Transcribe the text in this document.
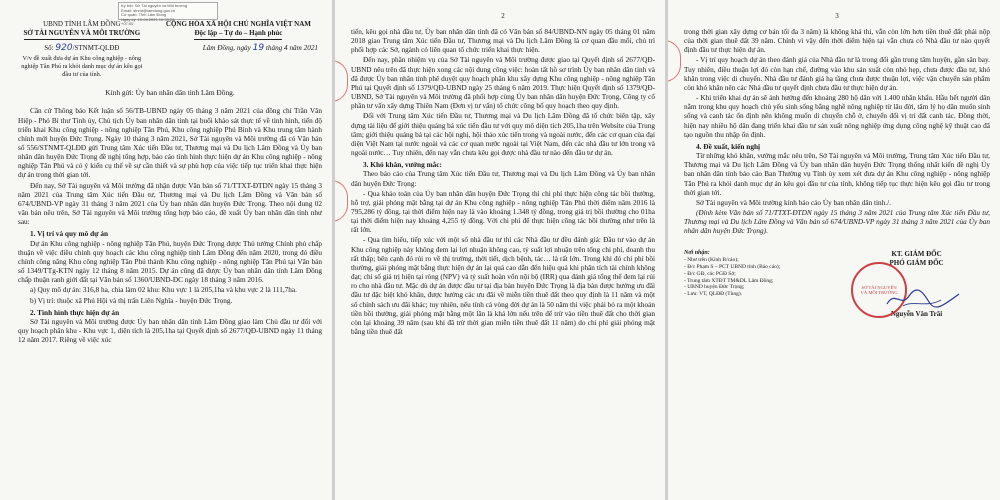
Ký bởi: Sở Tài nguyên và Môi trường
Email: stnmt@lamdong.gov.vn
Cơ quan: Tỉnh Lâm Đồng
Ngày ký: 19.04.2021 10:33:22
+07:00
UBND TỈNH LÂM ĐỒNG
SỞ TÀI NGUYÊN VÀ MÔI TRƯỜNG
Số: 920/STNMT-QLĐĐ
V/v đề xuất đưa dự án Khu công nghiệp - nông nghiệp Tân Phú ra khỏi danh mục dự án kêu gọi đầu tư của tỉnh.
CỘNG HÒA XÃ HỘI CHỦ NGHĨA VIỆT NAM
Độc lập – Tự do – Hạnh phúc
Lâm Đồng, ngày 19 tháng 4 năm 2021
Kính gửi: Ủy ban nhân dân tỉnh Lâm Đồng.

Căn cứ Thông báo Kết luận số 56/TB-UBND ngày 05 tháng 3 năm 2021 của đồng chí Trần Văn Hiệp - Phó Bí thư Tỉnh ủy, Chủ tịch Ủy ban nhân dân tỉnh tại buổi khảo sát thực tế về tình hình, tiến độ triển khai Khu công nghiệp - nông nghiệp Tân Phú, Khu công nghiệp Phú Bình và Khu trung tâm hành chính mới huyện Đức Trọng. Ngày 10 tháng 3 năm 2021, Sở Tài nguyên và Môi trường đã có Văn bản số 556/STNMT-QLĐĐ gửi Trung tâm Xúc tiến Đầu tư, Thương mại và Du lịch Lâm Đồng và Ủy ban nhân dân huyện Đức Trọng đề nghị tổng hợp, báo cáo tình hình thực hiện dự án Khu công nghiệp - nông nghiệp Tân Phú và có ý kiến cụ thể về sự cần thiết và sự phù hợp của việc tiếp tục triển khai thực hiện dự án trong thời gian tới.

Đến nay, Sở Tài nguyên và Môi trường đã nhận được Văn bản số 71/TTXT-ĐTDN ngày 15 tháng 3 năm 2021 của Trung tâm Xúc tiến Đầu tư, Thương mại và Du lịch Lâm Đồng và Văn bản số 674/UBND-VP ngày 31 tháng 3 năm 2021 của Ủy ban nhân dân huyện Đức Trọng. Theo nội dung 02 văn bản nêu trên, Sở Tài nguyên và Môi trường tổng hợp báo cáo, đề xuất Ủy ban nhân dân tỉnh như sau:

1. Vị trí và quy mô dự án

Dự án Khu công nghiệp - nông nghiệp Tân Phú, huyện Đức Trọng được Thủ tướng Chính phủ chấp thuận về việc điều chỉnh quy hoạch các khu công nghiệp tỉnh Lâm Đồng đến năm 2020, trong đó điều chỉnh công năng Khu công nghiệp Tân Phú thành Khu công nghiệp - nông nghiệp Tân Phú tại Văn bản số 1349/TTg-KTN ngày 12 tháng 8 năm 2015. Dự án cũng đã được Ủy ban nhân dân tỉnh Lâm Đồng chấp thuận ranh giới đất tại Văn bản số 1360/UBND-ĐC ngày 18 tháng 3 năm 2016.

a) Quy mô dự án: 316,8 ha, chia làm 02 khu: Khu vực 1 là 205,1ha và khu vực 2 là 111,7ha.

b) Vị trí: thuộc xã Phú Hội và thị trấn Liên Nghĩa - huyện Đức Trọng.

2. Tình hình thực hiện dự án

Sở Tài nguyên và Môi trường được Ủy ban nhân dân tỉnh Lâm Đồng giao làm Chủ đầu tư đối với quy hoạch phân khu - Khu vực 1, diện tích là 205,1ha tại Quyết định số 2677/QĐ-UBND ngày 11 tháng 12 năm 2017. Riêng về việc xúc

2

tiến, kêu gọi nhà đầu tư, Ủy ban nhân dân tỉnh đã có Văn bản số 84/UBND-NN ngày 05 tháng 01 năm 2018 giao Trung tâm Xúc tiến Đầu tư, Thương mại và Du lịch Lâm Đồng là cơ quan đầu mối, chủ trì phối hợp các Sở, ngành có liên quan tổ chức triển khai thực hiện.

Đến nay, phần nhiệm vụ của Sở Tài nguyên và Môi trường được giao tại Quyết định số 2677/QĐ-UBND nêu trên đã thực hiện xong các nội dung công việc: hoàn tất hồ sơ trình Ủy ban nhân dân tỉnh và đã được Ủy ban nhân tỉnh phê duyệt quy hoạch phân khu xây dựng Khu công nghiệp - nông nghiệp Tân Phú tại Quyết định số 1379/QĐ-UBND ngày 25 tháng 6 năm 2019. Thực hiện Quyết định số 1379/QĐ-UBND, Sở Tài nguyên và Môi trường đã phối hợp cùng Ủy ban nhân dân huyện Đức Trọng, Công ty cổ phần tư vấn xây dựng Thiên Nam (Đơn vị tư vấn) tổ chức công bố quy hoạch theo quy định.

Đối với Trung tâm Xúc tiến Đầu tư, Thương mại và Du lịch Lâm Đồng đã tổ chức biên tập, xây dựng tài liệu để giới thiệu quảng bá xúc tiến đầu tư với quy mô diện tích 205,1ha trên Website của Trung tâm; giới thiệu quảng bá tại các hội nghị, hội thảo xúc tiến trong và ngoài nước, đến các cơ quan của đại diện Việt Nam tại nước ngoài và các cơ quan nước ngoài tại Việt Nam, đến các nhà đầu tư lớn trong và ngoài nước… Tuy nhiên, đến nay vẫn chưa kêu gọi được nhà đầu tư nào đến đầu tư dự án.

3. Khó khăn, vướng mắc:

Theo báo cáo của Trung tâm Xúc tiến Đầu tư, Thương mại và Du lịch Lâm Đồng và Ủy ban nhân dân huyện Đức Trọng:

- Qua khảo toán của Ủy ban nhân dân huyện Đức Trọng thì chi phí thực hiện công tác bồi thường, hỗ trợ, giải phóng mặt bằng tại dự án Khu công nghiệp - nông nghiệp Tân Phú thời điểm năm 2016 là 795,286 tỷ đồng, tại thời điểm hiện nay là vào khoảng 1.348 tỷ đồng, trong giá trị bồi thường cho 01ha tại thời điểm hiện nay khoảng 4,255 tỷ đồng. Với chi phí để thực hiện công tác bồi thường như trên là rất lớn.

- Qua tìm hiểu, tiếp xúc với một số nhà đầu tư thì các Nhà đầu tư đều đánh giá: Đầu tư vào dự án Khu công nghiệp này không đem lại lợi nhuận không cao, tỷ suất lợi nhuận trên tổng chi phí, doanh thu rất thấp; bên cạnh đó rủi ro về thị trường, thời tiết, dịch bệnh, tác… là rất lớn. Trong khi đó chi phí bồi thường, giải phóng mặt bằng thực hiện dự án lại quá cao dẫn đến hiệu quả khi phân tích tài chính không đạt; chỉ số giá trị hiện tại ròng (NPV) và tỷ suất hoàn vốn nội bộ (IRR) qua đánh giá tổng thể đem lại rủi ro cho nhà đầu tư. Mặc dù dự án được đầu tư tại địa bàn huyện Đức Trọng là địa bàn được hưởng ưu đãi đầu tư đặc biệt khó khăn, được hưởng các ưu đãi về miễn tiền thuê đất theo quy định là 11 năm và một số chính sách ưu đãi khác; tuy nhiên, nếu tính cả vòng đời dự án là 50 năm thì việc phải bỏ ra một khoản tiền bồi thường, giải phóng mặt bằng một lần là khá lớn nếu trên để trừ vào tiền thuê đất cho thời gian còn lại khoảng 39 năm (sau khi đã trừ thời gian miễn tiền thuê đất 11 năm) do chi phí giải phóng mặt bằng tiền thuê đất

3

trong thời gian xây dựng cơ bản tối đa 3 năm) là không khả thi, vẫn còn lớn hơn tiền thuê đất phải nộp của thời gian thuê đất 39 năm. Chính vì vậy đến thời điểm hiện tại vẫn chưa có Nhà đầu tư nào quyết định đầu tư thực hiện dự án.

- Vị trí quy hoạch dự án theo đánh giá của Nhà đầu tư là trong đối gần trung tâm huyện, gần sân bay. Tuy nhiên, điều thuận lợi đó còn hạn chế, đường vào khu sản xuất còn nhỏ hẹp, chưa được đầu tư, khó khăn trong việc di chuyển. Nhà đầu tư đánh giá hạ tầng chưa được thuận lợi, việc vận chuyển sản phẩm còn khó khăn nên các Nhà đầu tư quyết định chưa đầu tư thực hiện dự án.

- Khi triển khai dự án sẽ ảnh hưởng đến khoảng 280 hộ dân với 1.400 nhân khẩu. Hầu hết người dân nằm trong khu quy hoạch chủ yếu sinh sống bằng nghề nông nghiệp từ lâu đời, tâm lý họ dân muốn sinh sống và canh tác ổn định nên không muốn di chuyển chỗ ở, chuyển đổi vị trí đất canh tác. Đồng thời, hiện nay nhiều hộ dân đang triển khai đầu tư sản xuất nông nghiệp ứng dụng công nghệ kỹ thuật cao đã tạo nguồn thu nhập ổn định.

4. Đề xuất, kiến nghị

Từ những khó khăn, vướng mắc nêu trên, Sở Tài nguyên và Môi trường, Trung tâm Xúc tiến Đầu tư, Thương mại và Du lịch Lâm Đồng và Ủy ban nhân dân huyện Đức Trọng thống nhất kiến đề nghị Ủy ban nhân dân tỉnh báo cáo Ban Thường vụ Tỉnh ủy xem xét đưa dự án Khu công nghiệp - nông nghiệp Tân Phú ra khỏi danh mục dự án kêu gọi đầu tư của tỉnh, không tiếp tục thực hiện kêu gọi đầu tư trong thời gian tới.

Sở Tài nguyên và Môi trường kính báo cáo Ủy ban nhân dân tỉnh./.

(Đính kèm Văn bản số 71/TTXT-ĐTDN ngày 15 tháng 3 năm 2021 của Trung tâm Xúc tiến Đầu tư, Thương mại và Du lịch Lâm Đồng và Văn bản số 674/UBND-VP ngày 31 tháng 3 năm 2021 của Ủy ban nhân dân huyện Đức Trọng).

Nơi nhận:
- Như trên (Kính B/cáo);
- Đ/c Phạm S – PCT UBND tỉnh (Báo cáo);
- Đ/c GĐ, các PGĐ Sở;
- Trung tâm XTĐT TM&DL Lâm Đồng;
- UBND huyện Đức Trọng;
- Lưu: VT, QLĐĐ (Tùng).
KT. GIÁM ĐỐC
PHÓ GIÁM ĐỐC
SỞ TÀI NGUYÊN VÀ MÔI TRƯỜNG
Nguyễn Văn Trãi
